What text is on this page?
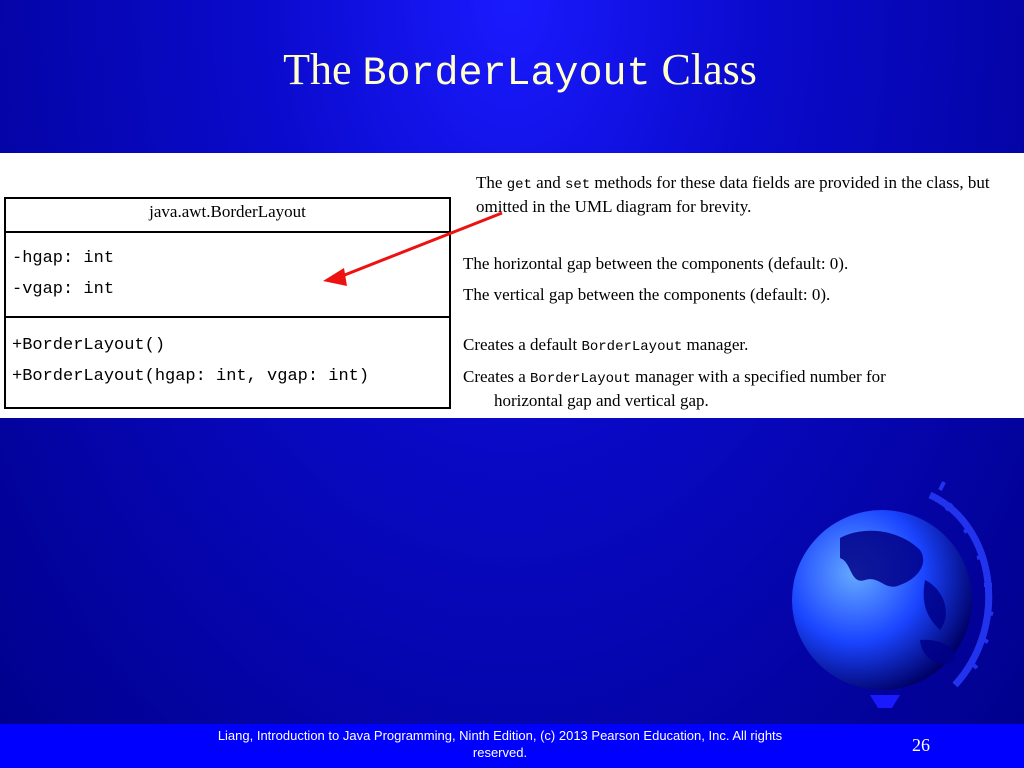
The BorderLayout Class
java.awt.BorderLayout
-hgap: int
-vgap: int
+BorderLayout()
+BorderLayout(hgap: int, vgap: int)
The get and set methods for these data fields are provided in the class, but omitted in the UML diagram for brevity.
The horizontal gap between the components (default: 0).
The vertical gap between the components (default: 0).
Creates a default BorderLayout manager.
Creates a BorderLayout manager with a specified number for
horizontal gap and vertical gap.
Liang, Introduction to Java Programming, Ninth Edition, (c) 2013 Pearson Education, Inc. All rights reserved.	26
